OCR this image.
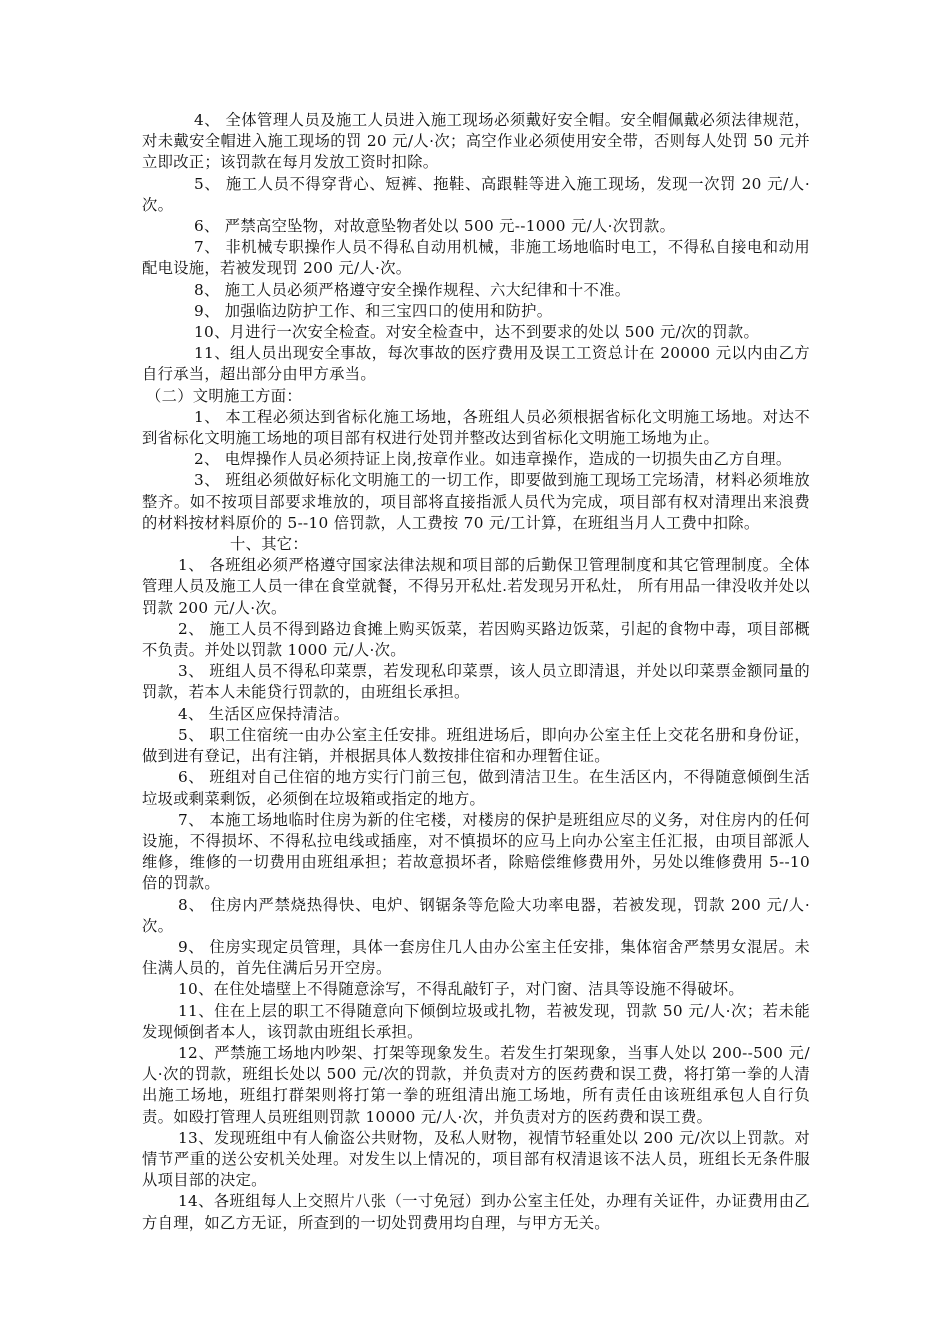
4、 全体管理人员及施工人员进入施工现场必须戴好安全帽。安全帽佩戴必须法律规范，对未戴安全帽进入施工现场的罚 20 元/人·次；高空作业必须使用安全带，否则每人处罚 50 元并立即改正；该罚款在每月发放工资时扣除。

5、 施工人员不得穿背心、短裤、拖鞋、高跟鞋等进入施工现场，发现一次罚 20 元/人·次。

6、 严禁高空坠物，对故意坠物者处以 500 元--1000 元/人·次罚款。

7、 非机械专职操作人员不得私自动用机械，非施工场地临时电工，不得私自接电和动用配电设施，若被发现罚 200 元/人·次。

8、 施工人员必须严格遵守安全操作规程、六大纪律和十不准。

9、 加强临边防护工作、和三宝四口的使用和防护。

10、月进行一次安全检查。对安全检查中，达不到要求的处以 500 元/次的罚款。

11、组人员出现安全事故，每次事故的医疗费用及误工工资总计在 20000 元以内由乙方自行承当，超出部分由甲方承当。

（二）文明施工方面：

1、 本工程必须达到省标化施工场地，各班组人员必须根据省标化文明施工场地。对达不到省标化文明施工场地的项目部有权进行处罚并整改达到省标化文明施工场地为止。

2、 电焊操作人员必须持证上岗,按章作业。如违章操作，造成的一切损失由乙方自理。

3、 班组必须做好标化文明施工的一切工作，即要做到施工现场工完场清，材料必须堆放整齐。如不按项目部要求堆放的，项目部将直接指派人员代为完成，项目部有权对清理出来浪费的材料按材料原价的 5--10 倍罚款，人工费按 70 元/工计算，在班组当月人工费中扣除。

十、其它：

1、 各班组必须严格遵守国家法律法规和项目部的后勤保卫管理制度和其它管理制度。全体管理人员及施工人员一律在食堂就餐，不得另开私灶.若发现另开私灶， 所有用品一律没收并处以罚款 200 元/人·次。

2、 施工人员不得到路边食摊上购买饭菜，若因购买路边饭菜，引起的食物中毒，项目部概不负责。并处以罚款 1000 元/人·次。

3、 班组人员不得私印菜票，若发现私印菜票，该人员立即清退，并处以印菜票金额同量的罚款，若本人未能贷行罚款的，由班组长承担。

4、 生活区应保持清洁。

5、 职工住宿统一由办公室主任安排。班组进场后，即向办公室主任上交花名册和身份证，做到进有登记，出有注销，并根据具体人数按排住宿和办理暂住证。

6、 班组对自己住宿的地方实行门前三包，做到清洁卫生。在生活区内，不得随意倾倒生活垃圾或剩菜剩饭，必须倒在垃圾箱或指定的地方。

7、 本施工场地临时住房为新的住宅楼，对楼房的保护是班组应尽的义务，对住房内的任何设施，不得损坏、不得私拉电线或插座，对不慎损坏的应马上向办公室主任汇报，由项目部派人维修，维修的一切费用由班组承担；若故意损坏者，除赔偿维修费用外，另处以维修费用 5--10 倍的罚款。

8、 住房内严禁烧热得快、电炉、钢锯条等危险大功率电器，若被发现，罚款 200 元/人·次。

9、 住房实现定员管理，具体一套房住几人由办公室主任安排，集体宿舍严禁男女混居。未住满人员的，首先住满后另开空房。

10、在住处墙壁上不得随意涂写，不得乱敲钉子，对门窗、洁具等设施不得破坏。

11、住在上层的职工不得随意向下倾倒垃圾或扎物，若被发现，罚款 50 元/人·次；若未能发现倾倒者本人，该罚款由班组长承担。

12、严禁施工场地内吵架、打架等现象发生。若发生打架现象，当事人处以 200--500 元/人·次的罚款，班组长处以 500 元/次的罚款，并负责对方的医药费和误工费，将打第一拳的人清出施工场地，班组打群架则将打第一拳的班组清出施工场地，所有责任由该班组承包人自行负责。如殴打管理人员班组则罚款 10000 元/人·次，并负责对方的医药费和误工费。

13、发现班组中有人偷盗公共财物，及私人财物，视情节轻重处以 200 元/次以上罚款。对情节严重的送公安机关处理。对发生以上情况的，项目部有权清退该不法人员，班组长无条件服从项目部的决定。

14、各班组每人上交照片八张（一寸免冠）到办公室主任处，办理有关证件，办证费用由乙方自理，如乙方无证，所查到的一切处罚费用均自理，与甲方无关。
